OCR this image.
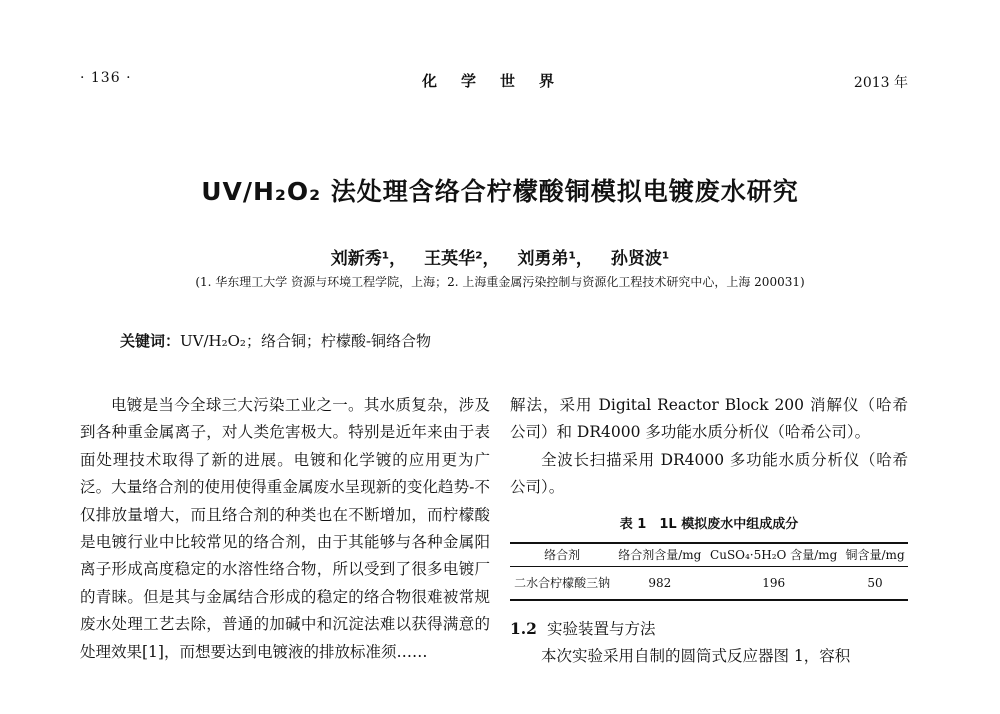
· 136 ·	化学世界	2013 年
UV/H₂O₂ 法处理含络合柠檬酸铜模拟电镀废水研究
刘新秀¹， 王英华²， 刘勇弟¹， 孙贤波¹
(1. 华东理工大学 资源与环境工程学院，上海；2. 上海重金属污染控制与资源化工程技术研究中心，上海 200031)
关键词：UV/H₂O₂；络合铜；柠檬酸-铜络合物

电镀是当今全球三大污染工业之一。其水质复杂，涉及到各种重金属离子，对人类危害极大。特别是近年来由于表面处理技术取得了新的进展。电镀和化学镀的应用更为广泛。大量络合剂的使用使得重金属废水呈现新的变化趋势-不仅排放量增大，而且络合剂的种类也在不断增加，而柠檬酸是电镀行业中比较常见的络合剂，由于其能够与各种金属阳离子形成高度稳定的水溶性络合物，所以受到了很多电镀厂的青睐。但是其与金属结合形成的稳定的络合物很难被常规废水处理工艺去除，普通的加碱中和沉淀法难以获得满意的处理效果[1]，而想要达到电镀液的排放标准须……

解法，采用 Digital Reactor Block 200 消解仪（哈希公司）和 DR4000 多功能水质分析仪（哈希公司）。

全波长扫描采用 DR4000 多功能水质分析仪（哈希公司）。

表 1　1L 模拟废水中组成成分
络合剂	络合剂含量/mg	CuSO₄·5H₂O 含量/mg	铜含量/mg
二水合柠檬酸三钠	982	196	50
1.2 实验装置与方法

本次实验采用自制的圆筒式反应器图 1，容积
